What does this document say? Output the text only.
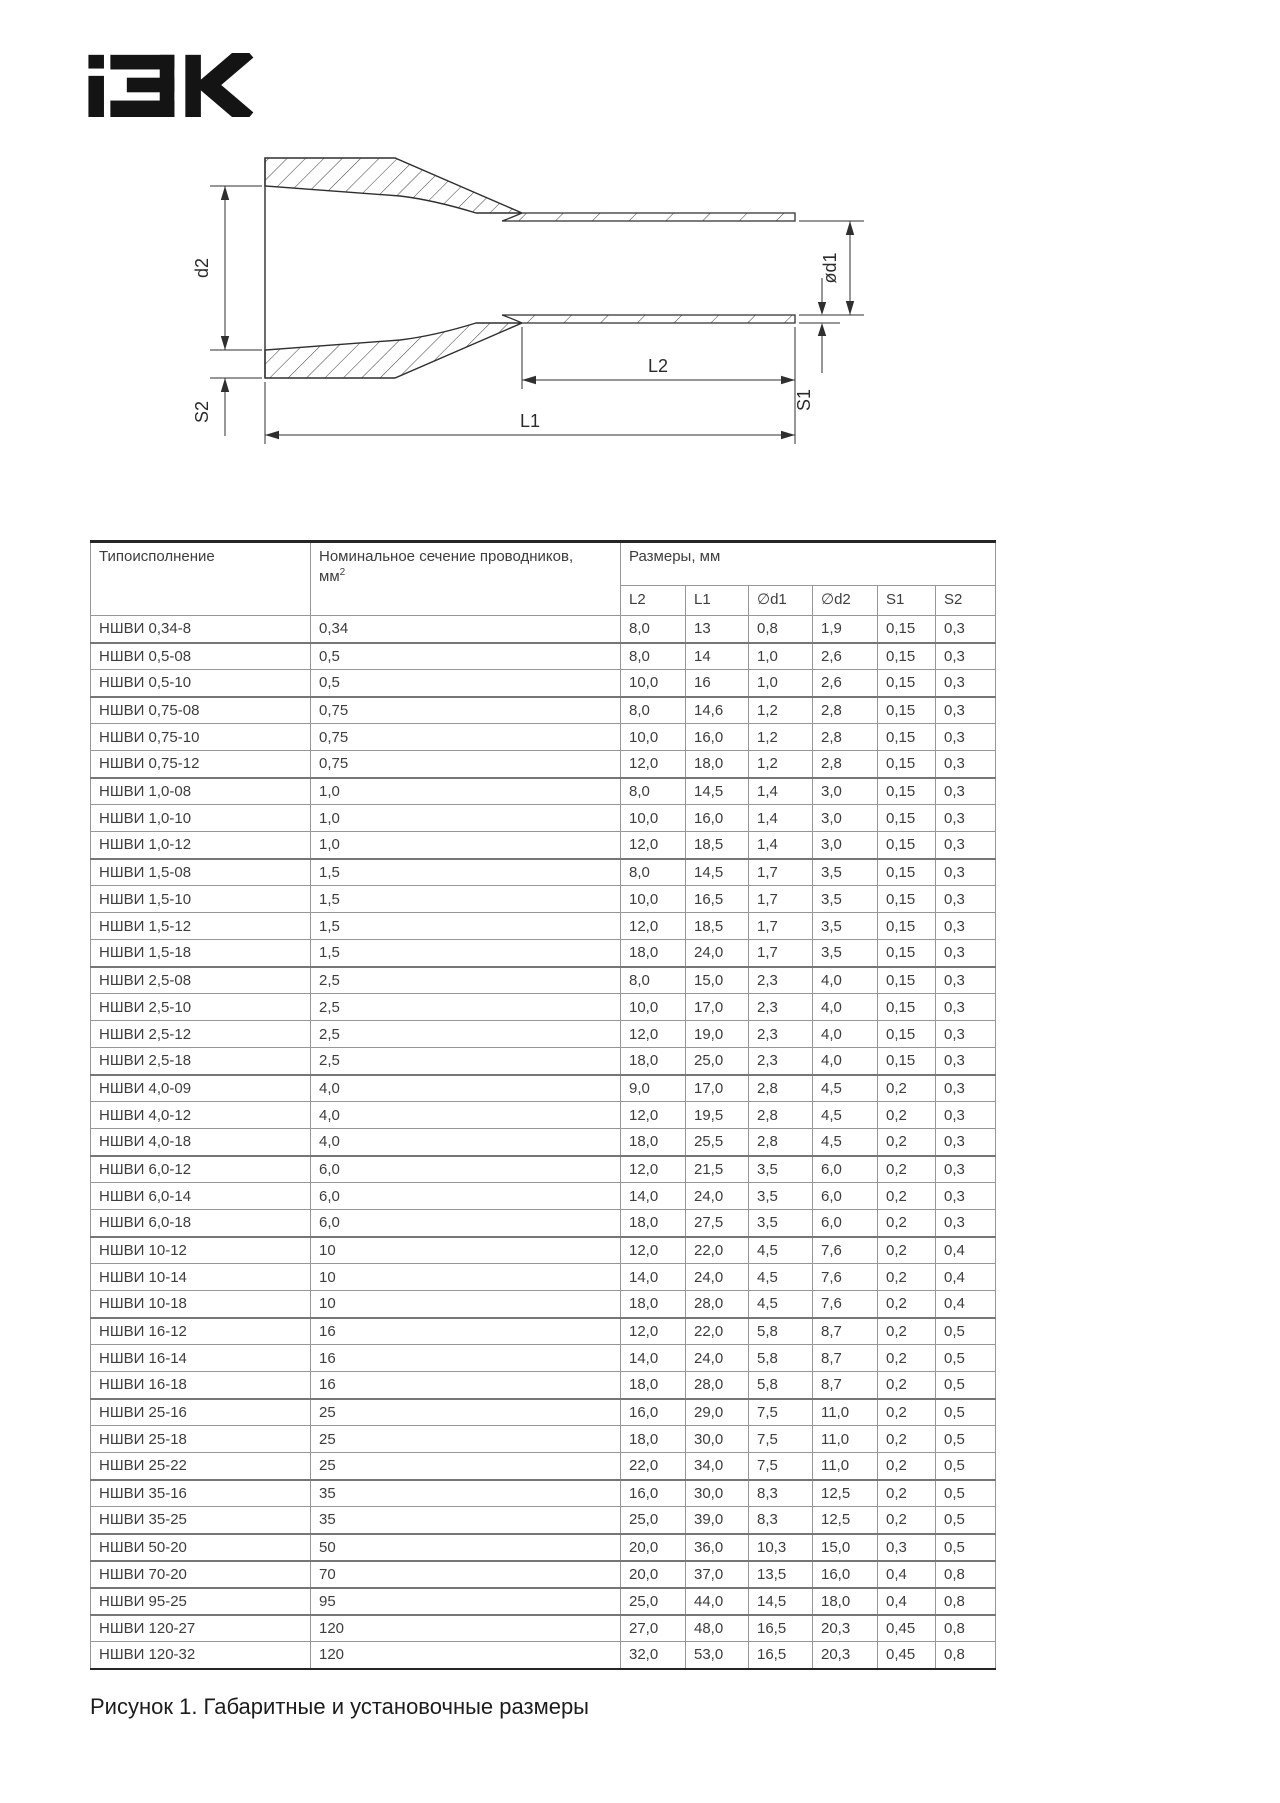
d2
S2
L2
L1
ød1
S1
Типоисполнение	Номинальное сечение проводников,
$мм^2$	Размеры, мм					
		L2	L1	∅d1	∅d2	S1	S2
НШВИ 0,34-8	0,34	8,0	13	0,8	1,9	0,15	0,3
НШВИ 0,5-08	0,5	8,0	14	1,0	2,6	0,15	0,3
НШВИ 0,5-10	0,5	10,0	16	1,0	2,6	0,15	0,3
НШВИ 0,75-08	0,75	8,0	14,6	1,2	2,8	0,15	0,3
НШВИ 0,75-10	0,75	10,0	16,0	1,2	2,8	0,15	0,3
НШВИ 0,75-12	0,75	12,0	18,0	1,2	2,8	0,15	0,3
НШВИ 1,0-08	1,0	8,0	14,5	1,4	3,0	0,15	0,3
НШВИ 1,0-10	1,0	10,0	16,0	1,4	3,0	0,15	0,3
НШВИ 1,0-12	1,0	12,0	18,5	1,4	3,0	0,15	0,3
НШВИ 1,5-08	1,5	8,0	14,5	1,7	3,5	0,15	0,3
НШВИ 1,5-10	1,5	10,0	16,5	1,7	3,5	0,15	0,3
НШВИ 1,5-12	1,5	12,0	18,5	1,7	3,5	0,15	0,3
НШВИ 1,5-18	1,5	18,0	24,0	1,7	3,5	0,15	0,3
НШВИ 2,5-08	2,5	8,0	15,0	2,3	4,0	0,15	0,3
НШВИ 2,5-10	2,5	10,0	17,0	2,3	4,0	0,15	0,3
НШВИ 2,5-12	2,5	12,0	19,0	2,3	4,0	0,15	0,3
НШВИ 2,5-18	2,5	18,0	25,0	2,3	4,0	0,15	0,3
НШВИ 4,0-09	4,0	9,0	17,0	2,8	4,5	0,2	0,3
НШВИ 4,0-12	4,0	12,0	19,5	2,8	4,5	0,2	0,3
НШВИ 4,0-18	4,0	18,0	25,5	2,8	4,5	0,2	0,3
НШВИ 6,0-12	6,0	12,0	21,5	3,5	6,0	0,2	0,3
НШВИ 6,0-14	6,0	14,0	24,0	3,5	6,0	0,2	0,3
НШВИ 6,0-18	6,0	18,0	27,5	3,5	6,0	0,2	0,3
НШВИ 10-12	10	12,0	22,0	4,5	7,6	0,2	0,4
НШВИ 10-14	10	14,0	24,0	4,5	7,6	0,2	0,4
НШВИ 10-18	10	18,0	28,0	4,5	7,6	0,2	0,4
НШВИ 16-12	16	12,0	22,0	5,8	8,7	0,2	0,5
НШВИ 16-14	16	14,0	24,0	5,8	8,7	0,2	0,5
НШВИ 16-18	16	18,0	28,0	5,8	8,7	0,2	0,5
НШВИ 25-16	25	16,0	29,0	7,5	11,0	0,2	0,5
НШВИ 25-18	25	18,0	30,0	7,5	11,0	0,2	0,5
НШВИ 25-22	25	22,0	34,0	7,5	11,0	0,2	0,5
НШВИ 35-16	35	16,0	30,0	8,3	12,5	0,2	0,5
НШВИ 35-25	35	25,0	39,0	8,3	12,5	0,2	0,5
НШВИ 50-20	50	20,0	36,0	10,3	15,0	0,3	0,5
НШВИ 70-20	70	20,0	37,0	13,5	16,0	0,4	0,8
НШВИ 95-25	95	25,0	44,0	14,5	18,0	0,4	0,8
НШВИ 120-27	120	27,0	48,0	16,5	20,3	0,45	0,8
НШВИ 120-32	120	32,0	53,0	16,5	20,3	0,45	0,8
Рисунок 1. Габаритные и установочные размеры
